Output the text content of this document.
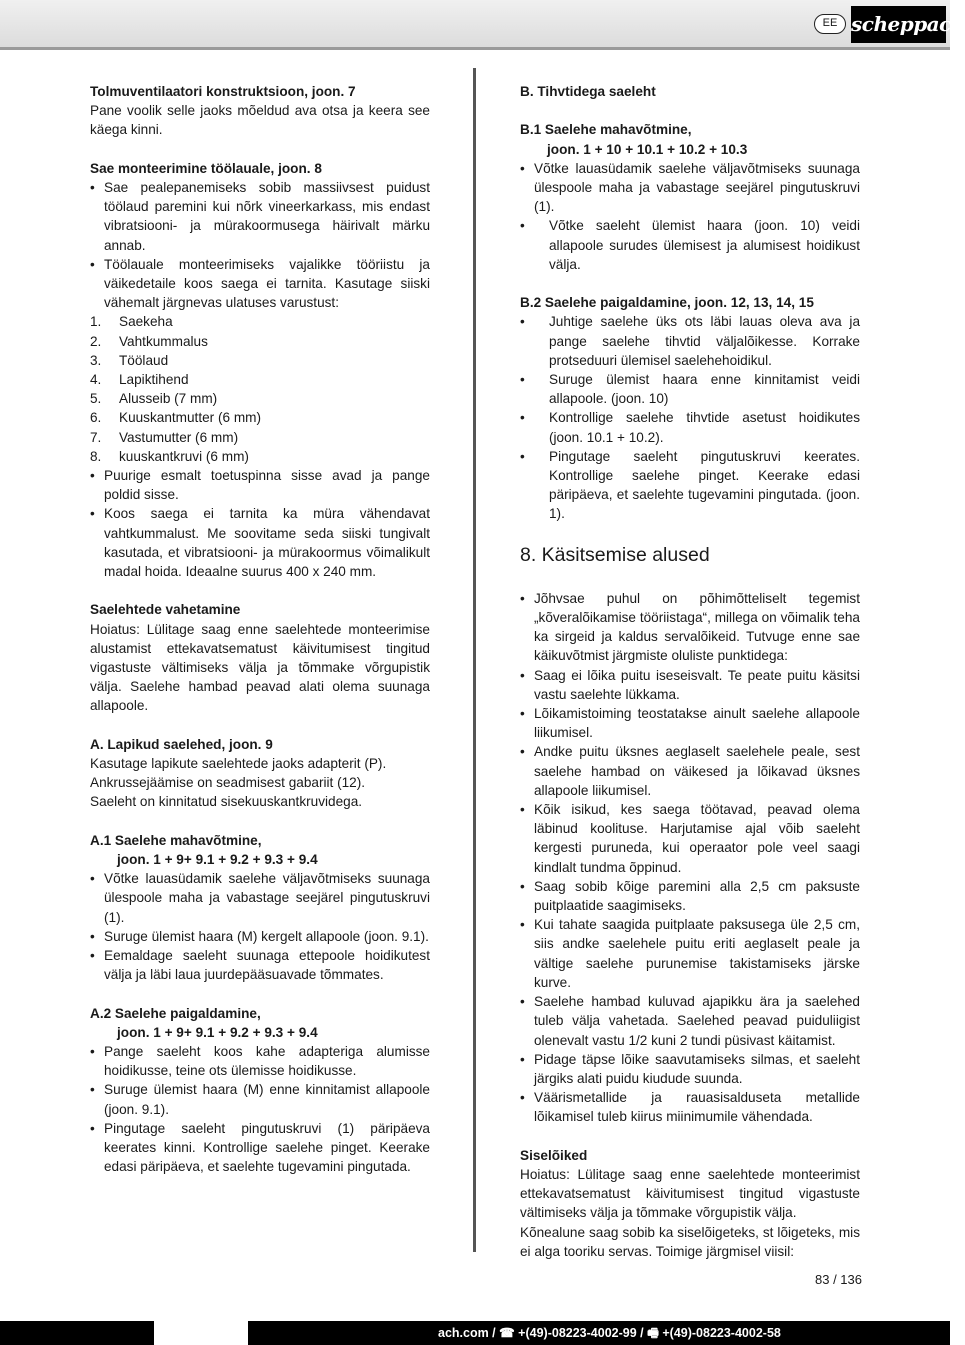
EE scheppach

Tolmuventilaatori konstruktsioon, joon. 7

Pane voolik selle jaoks mõeldud ava otsa ja keera see käega kinni.

Sae monteerimine töölauale, joon. 8

• Sae pealepanemiseks sobib massiivsest puidust töölaud paremini kui nõrk vineerkarkass, mis endast vibratsiooni- ja mürakoormusega häirivalt märku annab.
• Töölauale monteerimiseks vajalikke tööriistu ja väikedetaile koos saega ei tarnita. Kasutage siiski vähemalt järgnevas ulatuses varustust:
1. Saekeha
2. Vahtkummalus
3. Töölaud
4. Lapiktihend
5. Alusseib (7 mm)
6. Kuuskantmutter (6 mm)
7. Vastumutter (6 mm)
8. kuuskantkruvi (6 mm)
• Puurige esmalt toetuspinna sisse avad ja pange poldid sisse.
• Koos saega ei tarnita ka müra vähendavat vahtkummalust. Me soovitame seda siiski tungivalt kasutada, et vibratsiooni- ja mürakoormus võimalikult madal hoida. Ideaalne suurus 400 x 240 mm.

Saelehtede vahetamine

Hoiatus: Lülitage saag enne saelehtede monteerimise alustamist ettekavatsematust käivitumisest tingitud vigastuste vältimiseks välja ja tõmmake võrgupistik välja. Saelehe hambad peavad alati olema suunaga allapoole.

A. Lapikud saelehed, joon. 9

Kasutage lapikute saelehtede jaoks adapterit (P).

Ankrussejäämise on seadmisest gabariit (12).

Saeleht on kinnitatud sisekuuskantkruvidega.

A.1 Saelehe mahavõtmine,

joon. 1 + 9+ 9.1 + 9.2 + 9.3 + 9.4

• Võtke lauasüdamik saelehe väljavõtmiseks suunaga ülespoole maha ja vabastage seejärel pingutuskruvi (1).
• Suruge ülemist haara (M) kergelt allapoole (joon. 9.1).
• Eemaldage saeleht suunaga ettepoole hoidikutest välja ja läbi laua juurdepääsuavade tõmmates.

A.2 Saelehe paigaldamine,

joon. 1 + 9+ 9.1 + 9.2 + 9.3 + 9.4

• Pange saeleht koos kahe adapteriga alumisse hoidikusse, teine ots ülemisse hoidikusse.
• Suruge ülemist haara (M) enne kinnitamist allapoole (joon. 9.1).
• Pingutage saeleht pingutuskruvi (1) päripäeva keerates kinni. Kontrollige saelehe pinget. Keerake edasi päripäeva, et saelehte tugevamini pingutada.

B. Tihvtidega saeleht

B.1 Saelehe mahavõtmine,

joon. 1 + 10 + 10.1 + 10.2 + 10.3

• Võtke lauasüdamik saelehe väljavõtmiseks suunaga ülespoole maha ja vabastage seejärel pingutuskruvi (1).
• Võtke saeleht ülemist haara (joon. 10) veidi allapoole surudes ülemisest ja alumisest hoidikust välja.

B.2 Saelehe paigaldamine, joon. 12, 13, 14, 15

• Juhtige saelehe üks ots läbi lauas oleva ava ja pange saelehe tihvtid väljalõikesse. Korrake protseduuri ülemisel saelehehoidikul.
• Suruge ülemist haara enne kinnitamist veidi allapoole. (joon. 10)
• Kontrollige saelehe tihvtide asetust hoidikutes (joon. 10.1 + 10.2).
• Pingutage saeleht pingutuskruvi keerates. Kontrollige saelehe pinget. Keerake edasi päripäeva, et saelehte tugevamini pingutada. (joon. 1).
8. Käsitsemise alused
• Jõhvsae puhul on põhimõtteliselt tegemist „kõveralõikamise tööriistaga“, millega on võimalik teha ka sirgeid ja kaldus servalõikeid. Tutvuge enne sae käikuvõtmist järgmiste oluliste punktidega:
• Saag ei lõika puitu iseseisvalt. Te peate puitu käsitsi vastu saelehte lükkama.
• Lõikamistoiming teostatakse ainult saelehe allapoole liikumisel.
• Andke puitu üksnes aeglaselt saelehele peale, sest saelehe hambad on väikesed ja lõikavad üksnes allapoole liikumisel.
• Kõik isikud, kes saega töötavad, peavad olema läbinud koolituse. Harjutamise ajal võib saeleht kergesti puruneda, kui operaator pole veel saagi kindlalt tundma õppinud.
• Saag sobib kõige paremini alla 2,5 cm paksuste puitplaatide saagimiseks.
• Kui tahate saagida puitplaate paksusega üle 2,5 cm, siis andke saelehele puitu eriti aeglaselt peale ja vältige saelehe purunemise takistamiseks järske kurve.
• Saelehe hambad kuluvad ajapikku ära ja saelehed tuleb välja vahetada. Saelehed peavad puiduliigist olenevalt vastu 1/2 kuni 2 tundi püsivast käitamist.
• Pidage täpse lõike saavutamiseks silmas, et saeleht järgiks alati puidu kiudude suunda.
• Väärismetallide ja rauasisalduseta metallide lõikamisel tuleb kiirus miinimumile vähendada.

Siselõiked

Hoiatus: Lülitage saag enne saelehtede monteerimist ettekavatsematust käivitumisest tingitud vigastuste vältimiseks välja ja tõmmake võrgupistik välja.

Kõnealune saag sobib ka siselõigeteks, st lõigeteks, mis ei alga tooriku servas. Toimige järgmisel viisil:

83 / 136
ach.com / ☎ +(49)-08223-4002-99 / 🖷 +(49)-08223-4002-58
